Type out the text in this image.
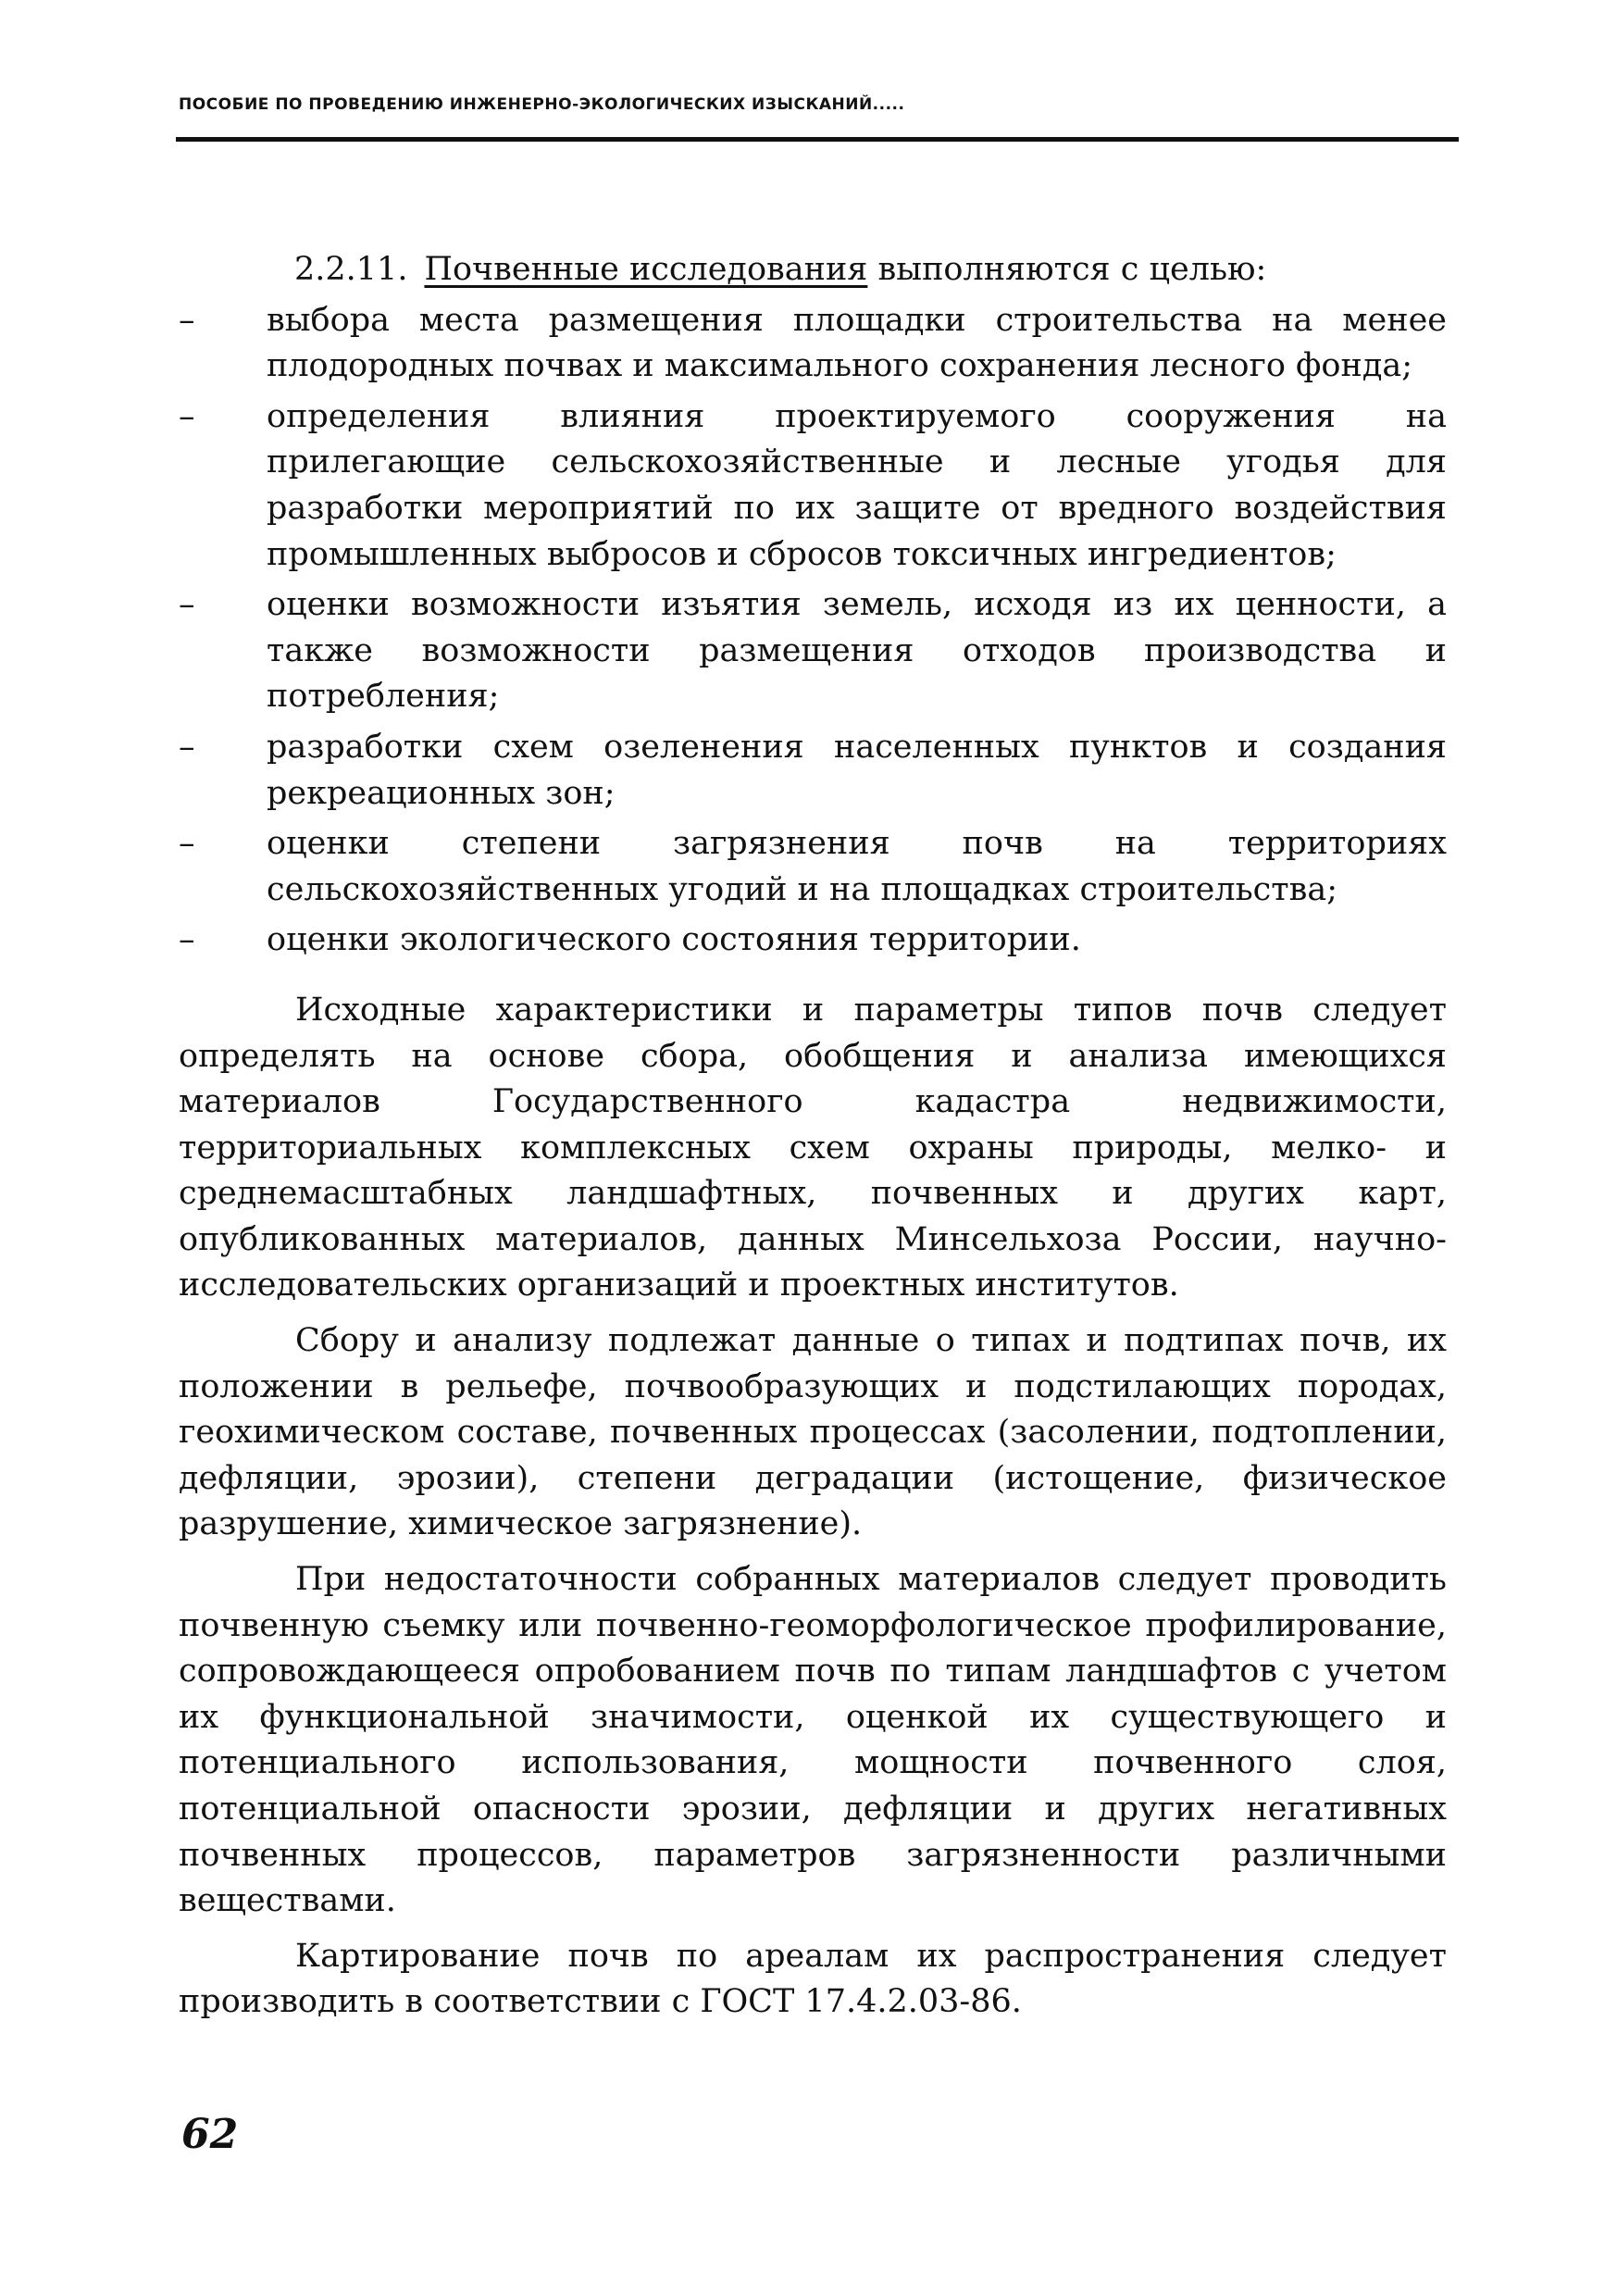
ПОСОБИЕ ПО ПРОВЕДЕНИЮ ИНЖЕНЕРНО-ЭКОЛОГИЧЕСКИХ ИЗЫСКАНИЙ.....

2.2.11. Почвенные исследования выполняются с целью:

– выбора места размещения площадки строительства на менее плодородных почвах и максимального сохранения лесного фонда;
– определения влияния проектируемого сооружения на прилегающие сельскохозяйственные и лесные угодья для разработки мероприятий по их защите от вредного воздействия промышленных выбросов и сбросов токсичных ингредиентов;
– оценки возможности изъятия земель, исходя из их ценности, а также возможности размещения отходов производства и потребления;
– разработки схем озеленения населенных пунктов и создания рекреационных зон;
– оценки степени загрязнения почв на территориях сельскохозяйственных угодий и на площадках строительства;
– оценки экологического состояния территории.

Исходные характеристики и параметры типов почв следует определять на основе сбора, обобщения и анализа имеющихся материалов Государственного кадастра недвижимости, территориальных комплексных схем охраны природы, мелко- и среднемасштабных ландшафтных, почвенных и других карт, опубликованных материалов, данных Минсельхоза России, научно-исследовательских организаций и проектных институтов.

Сбору и анализу подлежат данные о типах и подтипах почв, их положении в рельефе, почвообразующих и подстилающих породах, геохимическом составе, почвенных процессах (засолении, подтоплении, дефляции, эрозии), степени деградации (истощение, физическое разрушение, химическое загрязнение).

При недостаточности собранных материалов следует проводить почвенную съемку или почвенно-геоморфологическое профилирование, сопровождающееся опробованием почв по типам ландшафтов с учетом их функциональной значимости, оценкой их существующего и потенциального использования, мощности почвенного слоя, потенциальной опасности эрозии, дефляции и других негативных почвенных процессов, параметров загрязненности различными веществами.

Картирование почв по ареалам их распространения следует производить в соответствии с ГОСТ 17.4.2.03-86.

62
